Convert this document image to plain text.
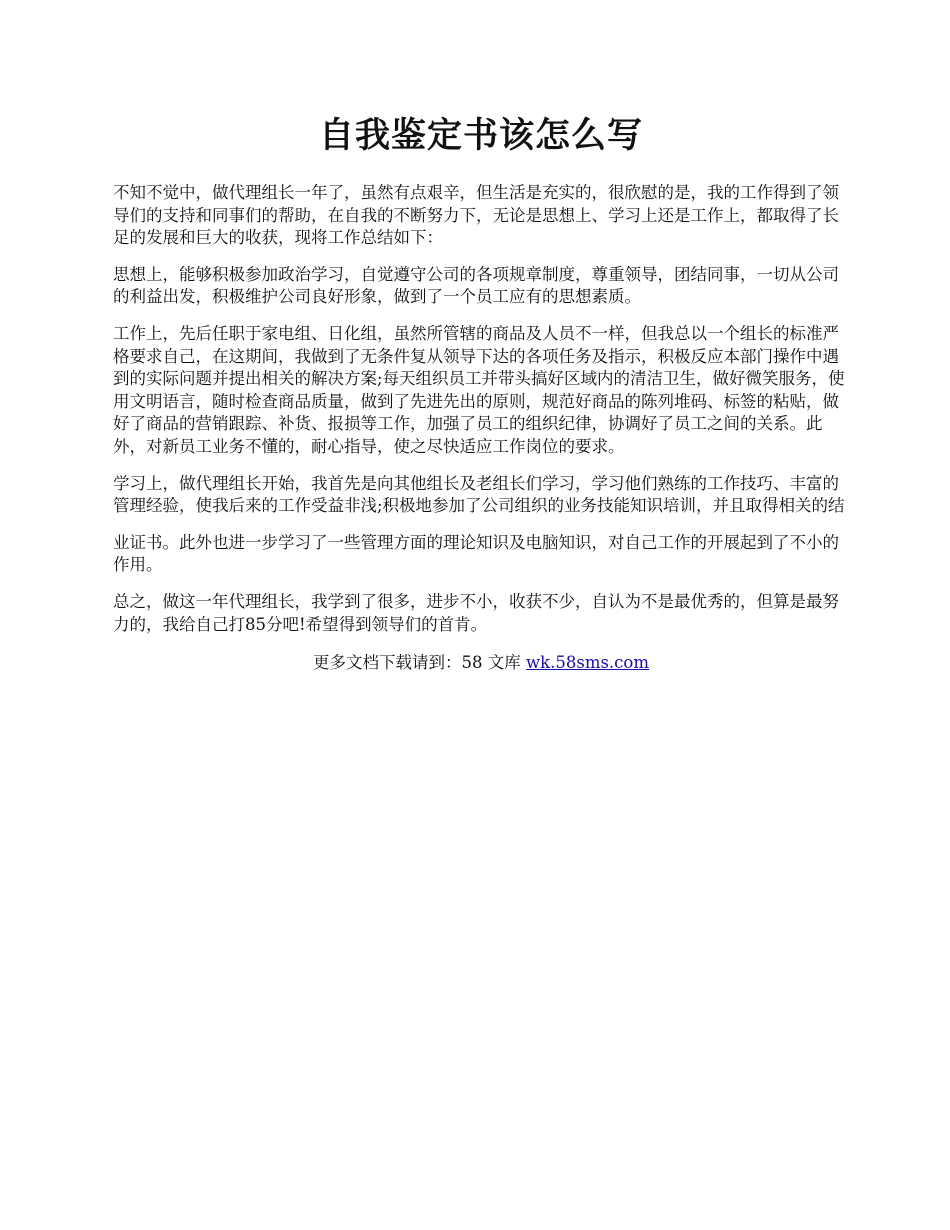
自我鉴定书该怎么写

不知不觉中，做代理组长一年了，虽然有点艰辛，但生活是充实的，很欣慰的是，我的工作得到了领导们的支持和同事们的帮助，在自我的不断努力下，无论是思想上、学习上还是工作上，都取得了长足的发展和巨大的收获，现将工作总结如下：

思想上，能够积极参加政治学习，自觉遵守公司的各项规章制度，尊重领导，团结同事，一切从公司的利益出发，积极维护公司良好形象，做到了一个员工应有的思想素质。

工作上，先后任职于家电组、日化组，虽然所管辖的商品及人员不一样，但我总以一个组长的标准严格要求自己，在这期间，我做到了无条件复从领导下达的各项任务及指示，积极反应本部门操作中遇到的实际问题并提出相关的解决方案;每天组织员工并带头搞好区域内的清洁卫生，做好微笑服务，使用文明语言，随时检查商品质量，做到了先进先出的原则，规范好商品的陈列堆码、标签的粘贴，做好了商品的营销跟踪、补货、报损等工作，加强了员工的组织纪律，协调好了员工之间的关系。此外，对新员工业务不懂的，耐心指导，使之尽快适应工作岗位的要求。

学习上，做代理组长开始，我首先是向其他组长及老组长们学习，学习他们熟练的工作技巧、丰富的管理经验，使我后来的工作受益非浅;积极地参加了公司组织的业务技能知识培训，并且取得相关的结

业证书。此外也进一步学习了一些管理方面的理论知识及电脑知识，对自己工作的开展起到了不小的作用。

总之，做这一年代理组长，我学到了很多，进步不小，收获不少，自认为不是最优秀的，但算是最努力的，我给自己打85分吧!希望得到领导们的首肯。

更多文档下载请到：58 文库 wk.58sms.com
